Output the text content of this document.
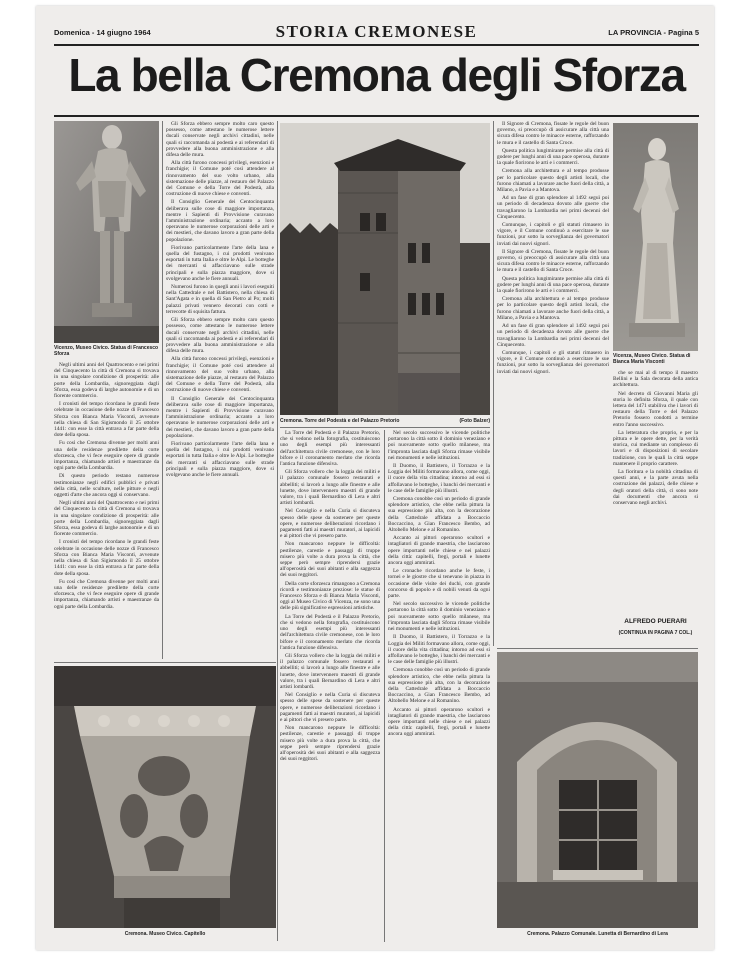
Domenica - 14 giugno 1964	STORIA CREMONESE	LA PROVINCIA - Pagina 5
La bella Cremona degli Sforza
Vicenzo, Museo Civico. Statua di Francesco Sforza

Negli ultimi anni del Quattrocento e nei primi del Cinquecento la città di Cremona si trovava in una singolare condizione di prosperità: alle porte della Lombardia, signoreggiata dagli Sforza, essa godeva di larghe autonomie e di un fiorente commercio.

I cronisti del tempo ricordano le grandi feste celebrate in occasione delle nozze di Francesco Sforza con Bianca Maria Visconti, avvenute nella chiesa di San Sigismondo il 25 ottobre 1441: con esse la città entrava a far parte della dote della sposa.

Fu così che Cremona divenne per molti anni una delle residenze predilette della corte sforzesca, che vi fece eseguire opere di grande importanza, chiamando artisti e maestranze da ogni parte della Lombardia.

Di questo periodo restano numerose testimonianze negli edifici pubblici e privati della città, nelle sculture, nelle pitture e negli oggetti d'arte che ancora oggi si conservano.

Negli ultimi anni del Quattrocento e nei primi del Cinquecento la città di Cremona si trovava in una singolare condizione di prosperità: alle porte della Lombardia, signoreggiata dagli Sforza, essa godeva di larghe autonomie e di un fiorente commercio.

I cronisti del tempo ricordano le grandi feste celebrate in occasione delle nozze di Francesco Sforza con Bianca Maria Visconti, avvenute nella chiesa di San Sigismondo il 25 ottobre 1441: con esse la città entrava a far parte della dote della sposa.

Fu così che Cremona divenne per molti anni una delle residenze predilette della corte sforzesca, che vi fece eseguire opere di grande importanza, chiamando artisti e maestranze da ogni parte della Lombardia.

Gli Sforza ebbero sempre molto caro questo possesso, come attestano le numerose lettere ducali conservate negli archivi cittadini, nelle quali si raccomanda ai podestà e ai referendari di provvedere alla buona amministrazione e alla difesa delle mura.

Alla città furono concessi privilegi, esenzioni e franchigie; il Comune poté così attendere al rinnovamento del suo volto urbano, alla sistemazione delle piazze, al restauro del Palazzo del Comune e della Torre del Podestà, alla costruzione di nuove chiese e conventi.

Il Consiglio Generale dei Centocinquanta deliberava sulle cose di maggiore importanza, mentre i Sapienti di Provvisione curavano l'amministrazione ordinaria; accanto a loro operavano le numerose corporazioni delle arti e dei mestieri, che davano lavoro a gran parte della popolazione.

Fiorivano particolarmente l'arte della lana e quella del fustagno, i cui prodotti venivano esportati in tutta Italia e oltre le Alpi. Le botteghe dei mercanti si affacciavano sulle strade principali e sulla piazza maggiore, dove si svolgevano anche le fiere annuali.

Numerosi furono in quegli anni i lavori eseguiti nella Cattedrale e nel Battistero, nella chiesa di Sant'Agata e in quella di San Pietro al Po; molti palazzi privati vennero decorati con cotti e terrecotte di squisita fattura.

Gli Sforza ebbero sempre molto caro questo possesso, come attestano le numerose lettere ducali conservate negli archivi cittadini, nelle quali si raccomanda ai podestà e ai referendari di provvedere alla buona amministrazione e alla difesa delle mura.

Alla città furono concessi privilegi, esenzioni e franchigie; il Comune poté così attendere al rinnovamento del suo volto urbano, alla sistemazione delle piazze, al restauro del Palazzo del Comune e della Torre del Podestà, alla costruzione di nuove chiese e conventi.

Il Consiglio Generale dei Centocinquanta deliberava sulle cose di maggiore importanza, mentre i Sapienti di Provvisione curavano l'amministrazione ordinaria; accanto a loro operavano le numerose corporazioni delle arti e dei mestieri, che davano lavoro a gran parte della popolazione.

Fiorivano particolarmente l'arte della lana e quella del fustagno, i cui prodotti venivano esportati in tutta Italia e oltre le Alpi. Le botteghe dei mercanti si affacciavano sulle strade principali e sulla piazza maggiore, dove si svolgevano anche le fiere annuali.

Cremona. Torre del Podestà e del Palazzo Pretorio	(Foto Balzer)

La Torre del Podestà e il Palazzo Pretorio, che si vedono nella fotografia, costituiscono uno degli esempi più interessanti dell'architettura civile cremonese, con le loro bifore e il coronamento merlato che ricorda l'antica funzione difensiva.

Gli Sforza vollero che la loggia dei militi e il palazzo comunale fossero restaurati e abbelliti; si lavorò a lungo alle finestre e alle lunette, dove intervennero maestri di grande valore, tra i quali Bernardino di Lera e altri artisti lombardi.

Nel Consiglio e nella Curia si discuteva spesso delle spese da sostenere per queste opere, e numerose deliberazioni ricordano i pagamenti fatti ai maestri muratori, ai lapicidi e ai pittori che vi presero parte.

Non mancarono neppure le difficoltà: pestilenze, carestie e passaggi di truppe misero più volte a dura prova la città, che seppe però sempre riprendersi grazie all'operosità dei suoi abitanti e alla saggezza dei suoi reggitori.

Della corte sforzesca rimangono a Cremona ricordi e testimonianze preziose: le statue di Francesco Sforza e di Bianca Maria Visconti, oggi al Museo Civico di Vicenza, ne sono una delle più significative espressioni artistiche.

La Torre del Podestà e il Palazzo Pretorio, che si vedono nella fotografia, costituiscono uno degli esempi più interessanti dell'architettura civile cremonese, con le loro bifore e il coronamento merlato che ricorda l'antica funzione difensiva.

Gli Sforza vollero che la loggia dei militi e il palazzo comunale fossero restaurati e abbelliti; si lavorò a lungo alle finestre e alle lunette, dove intervennero maestri di grande valore, tra i quali Bernardino di Lera e altri artisti lombardi.

Nel Consiglio e nella Curia si discuteva spesso delle spese da sostenere per queste opere, e numerose deliberazioni ricordano i pagamenti fatti ai maestri muratori, ai lapicidi e ai pittori che vi presero parte.

Non mancarono neppure le difficoltà: pestilenze, carestie e passaggi di truppe misero più volte a dura prova la città, che seppe però sempre riprendersi grazie all'operosità dei suoi abitanti e alla saggezza dei suoi reggitori.

Nel secolo successivo le vicende politiche portarono la città sotto il dominio veneziano e poi nuovamente sotto quello milanese, ma l'impronta lasciata dagli Sforza rimase visibile nei monumenti e nelle istituzioni.

Il Duomo, il Battistero, il Torrazzo e la Loggia dei Militi formavano allora, come oggi, il cuore della vita cittadina; intorno ad essi si affollavano le botteghe, i banchi dei mercanti e le case delle famiglie più illustri.

Cremona conobbe così un periodo di grande splendore artistico, che ebbe nella pittura la sua espressione più alta, con la decorazione della Cattedrale affidata a Boccaccio Boccaccino, a Gian Francesco Bembo, ad Altobello Melone e al Romanino.

Accanto ai pittori operarono scultori e intagliatori di grande maestria, che lasciarono opere importanti nelle chiese e nei palazzi della città: capitelli, fregi, portali e lunette ancora oggi ammirati.

Le cronache ricordano anche le feste, i tornei e le giostre che si tenevano in piazza in occasione delle visite dei duchi, con grande concorso di popolo e di nobili venuti da ogni parte.

Nel secolo successivo le vicende politiche portarono la città sotto il dominio veneziano e poi nuovamente sotto quello milanese, ma l'impronta lasciata dagli Sforza rimase visibile nei monumenti e nelle istituzioni.

Il Duomo, il Battistero, il Torrazzo e la Loggia dei Militi formavano allora, come oggi, il cuore della vita cittadina; intorno ad essi si affollavano le botteghe, i banchi dei mercanti e le case delle famiglie più illustri.

Cremona conobbe così un periodo di grande splendore artistico, che ebbe nella pittura la sua espressione più alta, con la decorazione della Cattedrale affidata a Boccaccio Boccaccino, a Gian Francesco Bembo, ad Altobello Melone e al Romanino.

Accanto ai pittori operarono scultori e intagliatori di grande maestria, che lasciarono opere importanti nelle chiese e nei palazzi della città: capitelli, fregi, portali e lunette ancora oggi ammirati.

Il Signore di Cremona, fissate le regole del buon governo, si preoccupò di assicurare alla città una sicura difesa contro le minacce esterne, rafforzando le mura e il castello di Santa Croce.

Questa politica lungimirante permise alla città di godere per lunghi anni di una pace operosa, durante la quale fiorirono le arti e i commerci.

Cremona alla architettura e al tempo produsse per lo particolare questo degli artisti locali, che furono chiamati a lavorare anche fuori della città, a Milano, a Pavia e a Mantova.

Ad un fase di gran splendore al 1492 seguì poi un periodo di decadenza dovuto alle guerre che travagliarono la Lombardia nei primi decenni del Cinquecento.

Comunque, i capitoli e gli statuti rimasero in vigore, e il Comune continuò a esercitare le sue funzioni, pur sotto la sorveglianza dei governatori inviati dai nuovi signori.

Il Signore di Cremona, fissate le regole del buon governo, si preoccupò di assicurare alla città una sicura difesa contro le minacce esterne, rafforzando le mura e il castello di Santa Croce.

Questa politica lungimirante permise alla città di godere per lunghi anni di una pace operosa, durante la quale fiorirono le arti e i commerci.

Cremona alla architettura e al tempo produsse per lo particolare questo degli artisti locali, che furono chiamati a lavorare anche fuori della città, a Milano, a Pavia e a Mantova.

Ad un fase di gran splendore al 1492 seguì poi un periodo di decadenza dovuto alle guerre che travagliarono la Lombardia nei primi decenni del Cinquecento.

Comunque, i capitoli e gli statuti rimasero in vigore, e il Comune continuò a esercitare le sue funzioni, pur sotto la sorveglianza dei governatori inviati dai nuovi signori.

Vicenza, Museo Civico. Statua di Bianca Maria Visconti

che se mai al di tempo il maestro Bellini e la Sala decorata della antica architettura.

Nel decreto di Giovanni Maria gli storia lo definita Sforza, il quale con lettera del 1471 stabiliva che i lavori di restauro della Torre e del Palazzo Pretorio fossero condotti a termine entro l'anno successivo.

La letteratura che proprio, e per la pittura e le opere dette, per la verità storica, cui mediante un complesso di lavori e di disposizioni di secolare tradizione, con le quali la città seppe mantenere il proprio carattere.

La fioritura e la nobiltà cittadina di questi anni, e la parte avuta nella costruzione dei palazzi, delle chiese e degli oratori della città, ci sono note dai documenti che ancora si conservano negli archivi.

ALFREDO PUERARI
(CONTINUA IN PAGINA 7 COL.)
Cremona. Museo Civico. Capitello	Cremona. Palazzo Comunale. Lunetta di Bernardino di Lera
